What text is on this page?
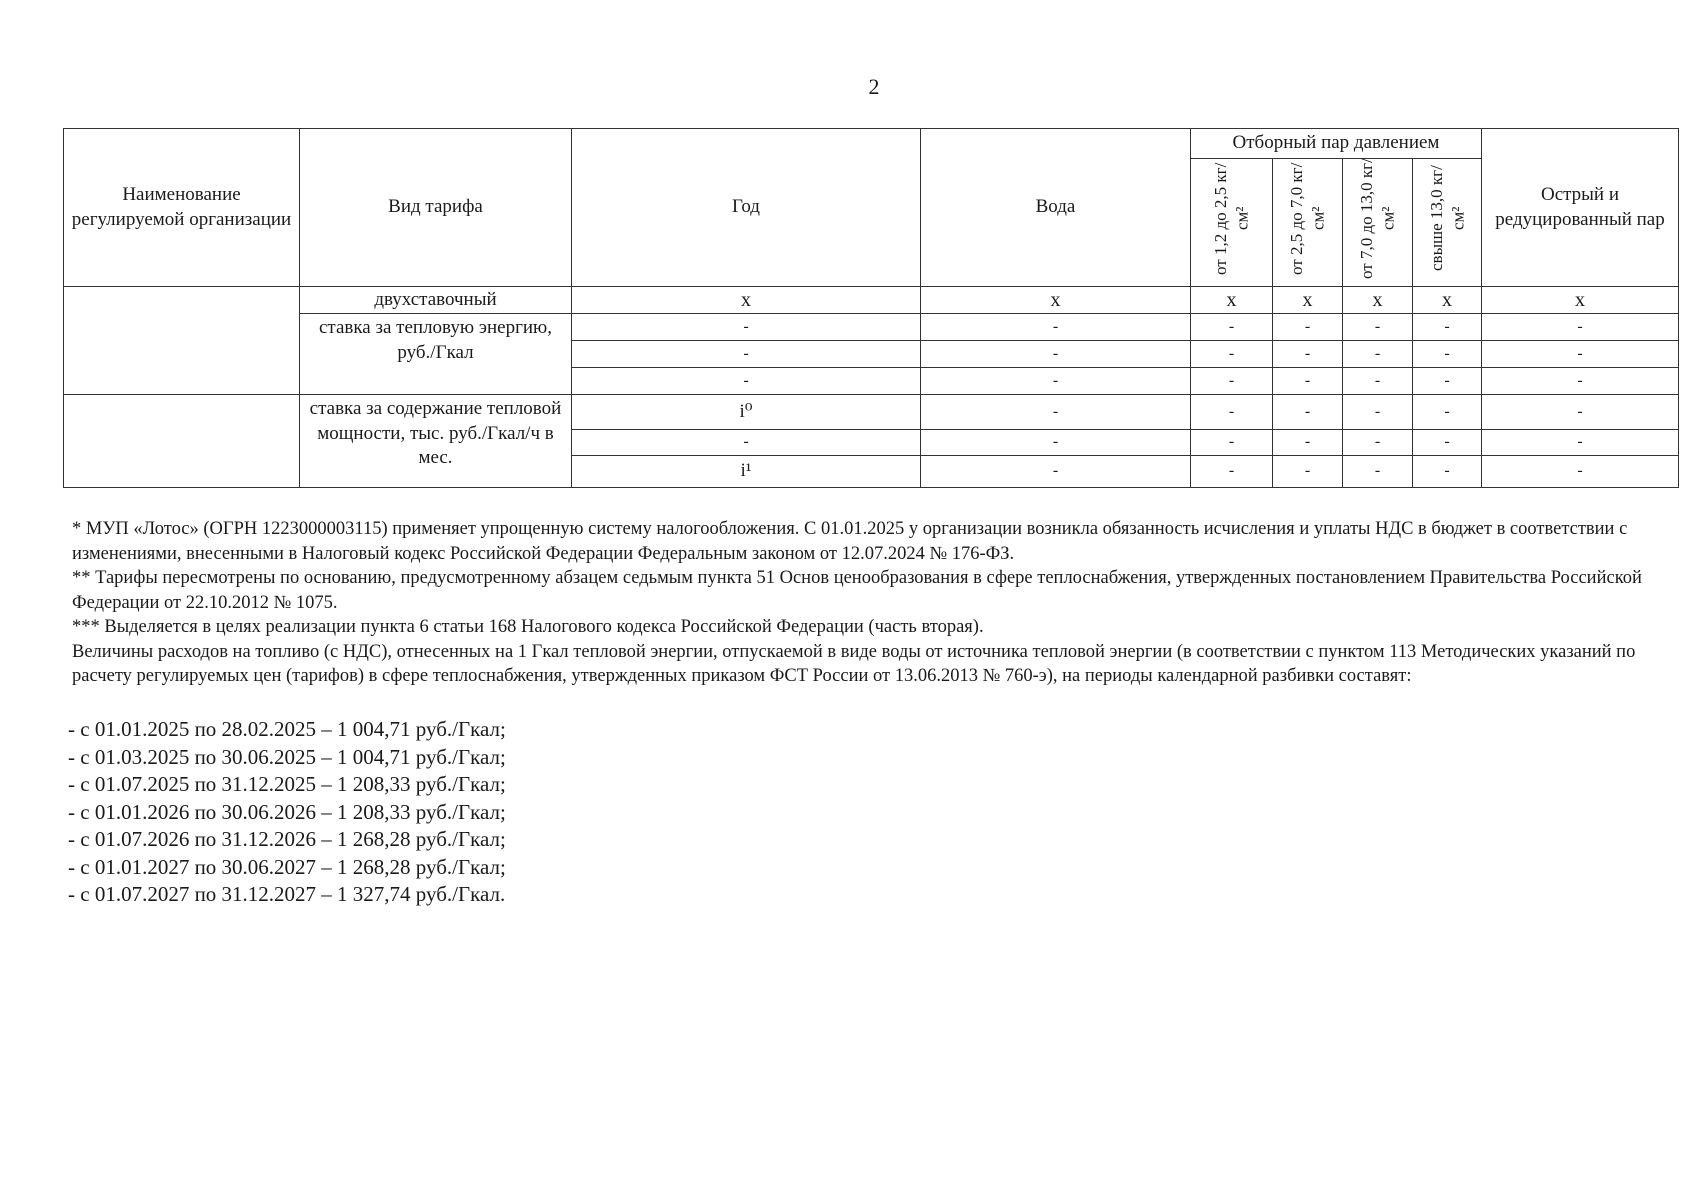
2
Наименование регулируемой организации	Вид тарифа	Год	Вода	Отборный пар давлением				Острый и редуцированный пар
				от 1,2 до 2,5 кг/см²	от 2,5 до 7,0 кг/см²	от 7,0 до 13,0 кг/см²	свыше 13,0 кг/см²	
	двухставочный	х	х	х	х	х	х	х
	ставка за тепловую энергию, руб./Гкал	-	-	-	-	-	-	-
		-	-	-	-	-	-	-
		-	-	-	-	-	-	-
	ставка за содержание тепловой мощности, тыс. руб./Гкал/ч в мес.	i⁰	-	-	-	-	-	-
		-	-	-	-	-	-	-
		i¹	-	-	-	-	-	-

* МУП «Лотос» (ОГРН 1223000003115) применяет упрощенную систему налогообложения. С 01.01.2025 у организации возникла обязанность исчисления и уплаты НДС в бюджет в соответствии с изменениями, внесенными в Налоговый кодекс Российской Федерации Федеральным законом от 12.07.2024 № 176-ФЗ.

** Тарифы пересмотрены по основанию, предусмотренному абзацем седьмым пункта 51 Основ ценообразования в сфере теплоснабжения, утвержденных постановлением Правительства Российской Федерации от 22.10.2012 № 1075.

*** Выделяется в целях реализации пункта 6 статьи 168 Налогового кодекса Российской Федерации (часть вторая).

Величины расходов на топливо (с НДС), отнесенных на 1 Гкал тепловой энергии, отпускаемой в виде воды от источника тепловой энергии (в соответствии с пунктом 113 Методических указаний по расчету регулируемых цен (тарифов) в сфере теплоснабжения, утвержденных приказом ФСТ России от 13.06.2013 № 760-э), на периоды календарной разбивки составят:

- с 01.01.2025 по 28.02.2025 – 1 004,71 руб./Гкал;

- с 01.03.2025 по 30.06.2025 – 1 004,71 руб./Гкал;

- с 01.07.2025 по 31.12.2025 – 1 208,33 руб./Гкал;

- с 01.01.2026 по 30.06.2026 – 1 208,33 руб./Гкал;

- с 01.07.2026 по 31.12.2026 – 1 268,28 руб./Гкал;

- с 01.01.2027 по 30.06.2027 – 1 268,28 руб./Гкал;

- с 01.07.2027 по 31.12.2027 – 1 327,74 руб./Гкал.
